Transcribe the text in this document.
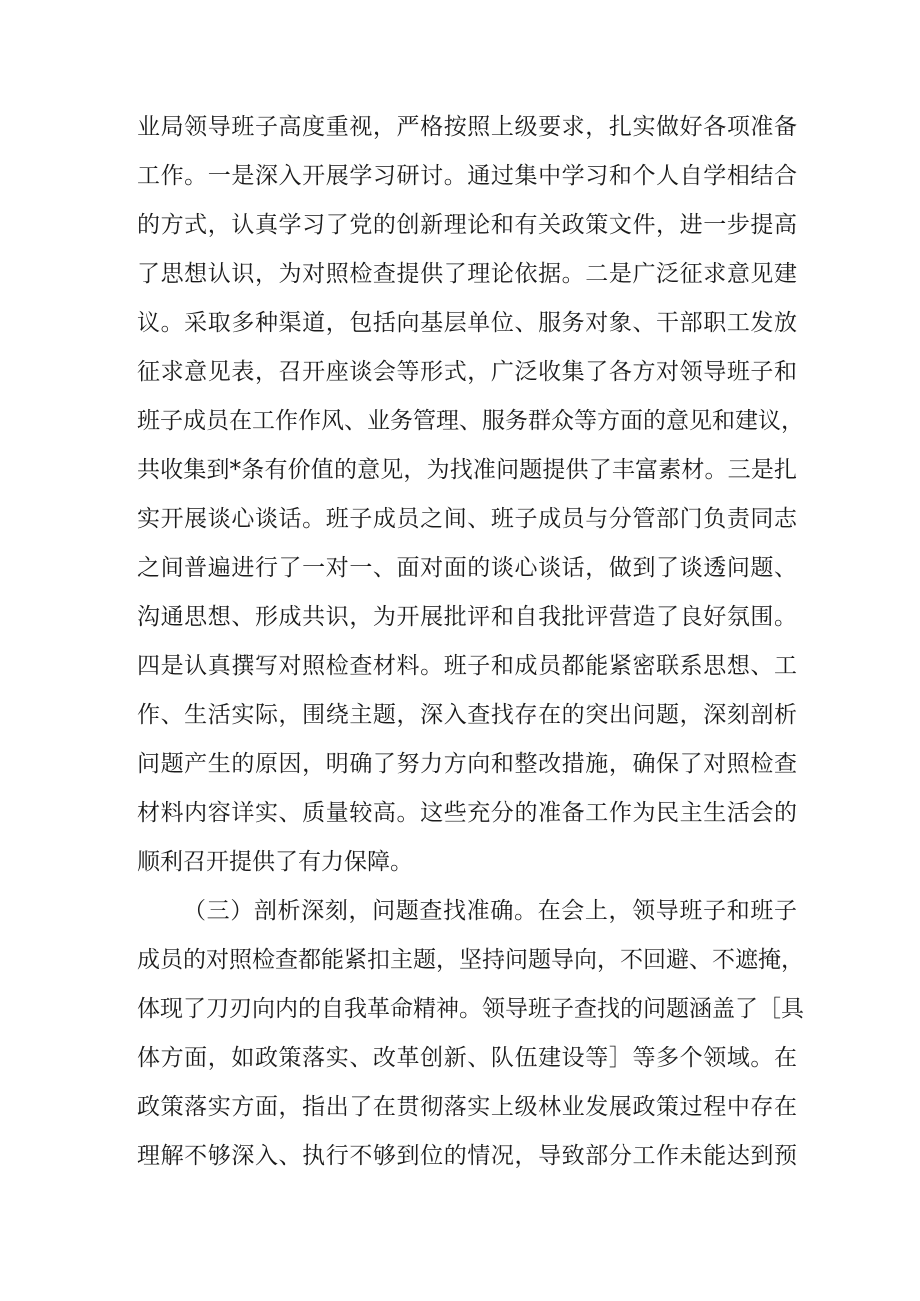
业局领导班子高度重视，严格按照上级要求，扎实做好各项准备
工作。一是深入开展学习研讨。通过集中学习和个人自学相结合
的方式，认真学习了党的创新理论和有关政策文件，进一步提高
了思想认识，为对照检查提供了理论依据。二是广泛征求意见建
议。采取多种渠道，包括向基层单位、服务对象、干部职工发放
征求意见表，召开座谈会等形式，广泛收集了各方对领导班子和
班子成员在工作作风、业务管理、服务群众等方面的意见和建议，
共收集到*条有价值的意见，为找准问题提供了丰富素材。三是扎
实开展谈心谈话。班子成员之间、班子成员与分管部门负责同志
之间普遍进行了一对一、面对面的谈心谈话，做到了谈透问题、
沟通思想、形成共识，为开展批评和自我批评营造了良好氛围。
四是认真撰写对照检查材料。班子和成员都能紧密联系思想、工
作、生活实际，围绕主题，深入查找存在的突出问题，深刻剖析
问题产生的原因，明确了努力方向和整改措施，确保了对照检查
材料内容详实、质量较高。这些充分的准备工作为民主生活会的
顺利召开提供了有力保障。
（三）剖析深刻，问题查找准确。在会上，领导班子和班子
成员的对照检查都能紧扣主题，坚持问题导向，不回避、不遮掩，
体现了刀刃向内的自我革命精神。领导班子查找的问题涵盖了［具
体方面，如政策落实、改革创新、队伍建设等］等多个领域。在
政策落实方面，指出了在贯彻落实上级林业发展政策过程中存在
理解不够深入、执行不够到位的情况，导致部分工作未能达到预
